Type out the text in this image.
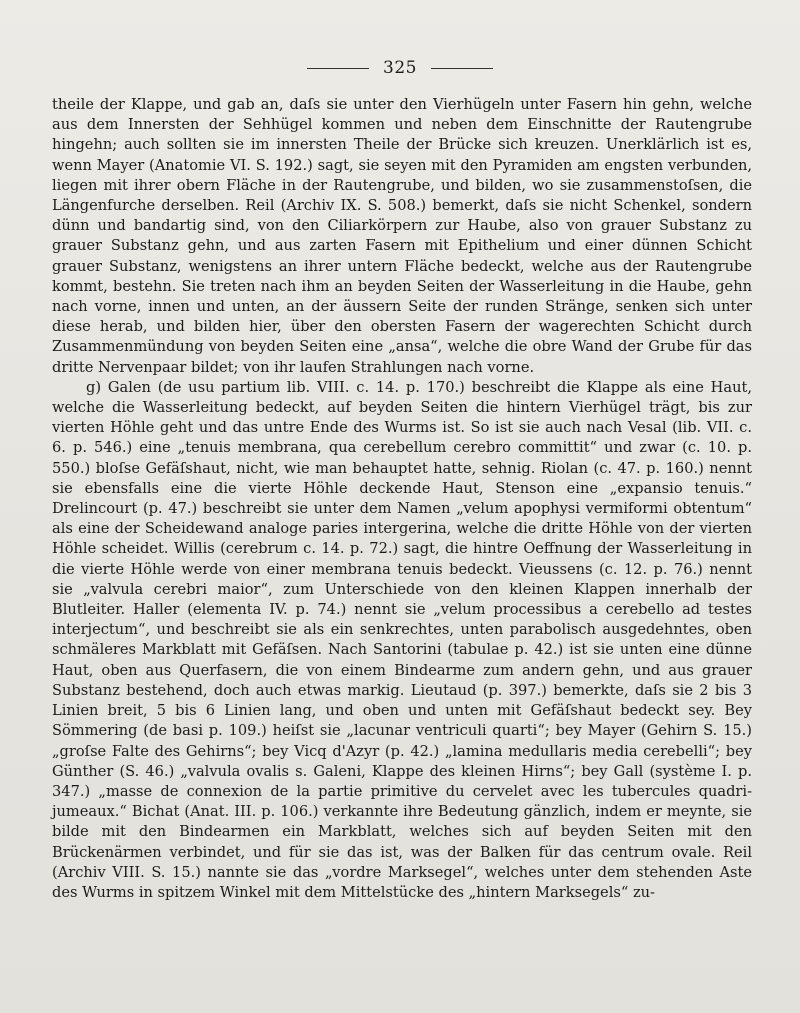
325

theile der Klappe, und gab an, daſs sie unter den Vierhügeln unter Fasern hin gehn, welche aus dem Innersten der Sehhügel kommen und neben dem Einschnitte der Rautengrube hingehn; auch sollten sie im innersten Theile der Brücke sich kreuzen. Unerklärlich ist es, wenn Mayer (Anatomie VI. S. 192.) sagt, sie seyen mit den Pyramiden am engsten verbunden, liegen mit ihrer obern Fläche in der Rautengrube, und bilden, wo sie zusammenstoſsen, die Längenfurche derselben. Reil (Archiv IX. S. 508.) bemerkt, daſs sie nicht Schenkel, sondern dünn und bandartig sind, von den Ciliarkörpern zur Haube, also von grauer Substanz zu grauer Substanz gehn, und aus zarten Fasern mit Epithelium und einer dünnen Schicht grauer Substanz, wenigstens an ihrer untern Fläche bedeckt, welche aus der Rautengrube kommt, bestehn. Sie treten nach ihm an beyden Seiten der Wasserleitung in die Haube, gehn nach vorne, innen und unten, an der äussern Seite der runden Stränge, senken sich unter diese herab, und bilden hier, über den obersten Fasern der wagerechten Schicht durch Zusammenmündung von beyden Seiten eine „ansa“, welche die obre Wand der Grube für das dritte Nervenpaar bildet; von ihr laufen Strahlungen nach vorne.

g) Galen (de usu partium lib. VIII. c. 14. p. 170.) beschreibt die Klappe als eine Haut, welche die Wasserleitung bedeckt, auf beyden Seiten die hintern Vierhügel trägt, bis zur vierten Höhle geht und das untre Ende des Wurms ist. So ist sie auch nach Vesal (lib. VII. c. 6. p. 546.) eine „tenuis membrana, qua cerebellum cerebro committit“ und zwar (c. 10. p. 550.) bloſse Gefäſshaut, nicht, wie man behauptet hatte, sehnig. Riolan (c. 47. p. 160.) nennt sie ebensfalls eine die vierte Höhle deckende Haut, Stenson eine „expansio tenuis.“ Drelincourt (p. 47.) beschreibt sie unter dem Namen „velum apophysi vermiformi obtentum“ als eine der Scheidewand analoge paries intergerina, welche die dritte Höhle von der vierten Höhle scheidet. Willis (cerebrum c. 14. p. 72.) sagt, die hintre Oeffnung der Wasserleitung in die vierte Höhle werde von einer membrana tenuis bedeckt. Vieussens (c. 12. p. 76.) nennt sie „valvula cerebri maior“, zum Unterschiede von den kleinen Klappen innerhalb der Blutleiter. Haller (elementa IV. p. 74.) nennt sie „velum processibus a cerebello ad testes interjectum“, und beschreibt sie als ein senkrechtes, unten parabolisch ausgedehntes, oben schmäleres Markblatt mit Gefäſsen. Nach Santorini (tabulae p. 42.) ist sie unten eine dünne Haut, oben aus Querfasern, die von einem Bindearme zum andern gehn, und aus grauer Substanz bestehend, doch auch etwas markig. Lieutaud (p. 397.) bemerkte, daſs sie 2 bis 3 Linien breit, 5 bis 6 Linien lang, und oben und unten mit Gefäſshaut bedeckt sey. Bey Sömmering (de basi p. 109.) heiſst sie „lacunar ventriculi quarti“; bey Mayer (Gehirn S. 15.) „groſse Falte des Gehirns“; bey Vicq d'Azyr (p. 42.) „lamina medullaris media cerebelli“; bey Günther (S. 46.) „valvula ovalis s. Galeni, Klappe des kleinen Hirns“; bey Gall (système I. p. 347.) „masse de connexion de la partie primitive du cervelet avec les tubercules quadri-jumeaux.“ Bichat (Anat. III. p. 106.) verkannte ihre Bedeutung gänzlich, indem er meynte, sie bilde mit den Bindearmen ein Markblatt, welches sich auf beyden Seiten mit den Brückenärmen verbindet, und für sie das ist, was der Balken für das centrum ovale. Reil (Archiv VIII. S. 15.) nannte sie das „vordre Marksegel“, welches unter dem stehenden Aste des Wurms in spitzem Winkel mit dem Mittelstücke des „hintern Marksegels“ zu-
